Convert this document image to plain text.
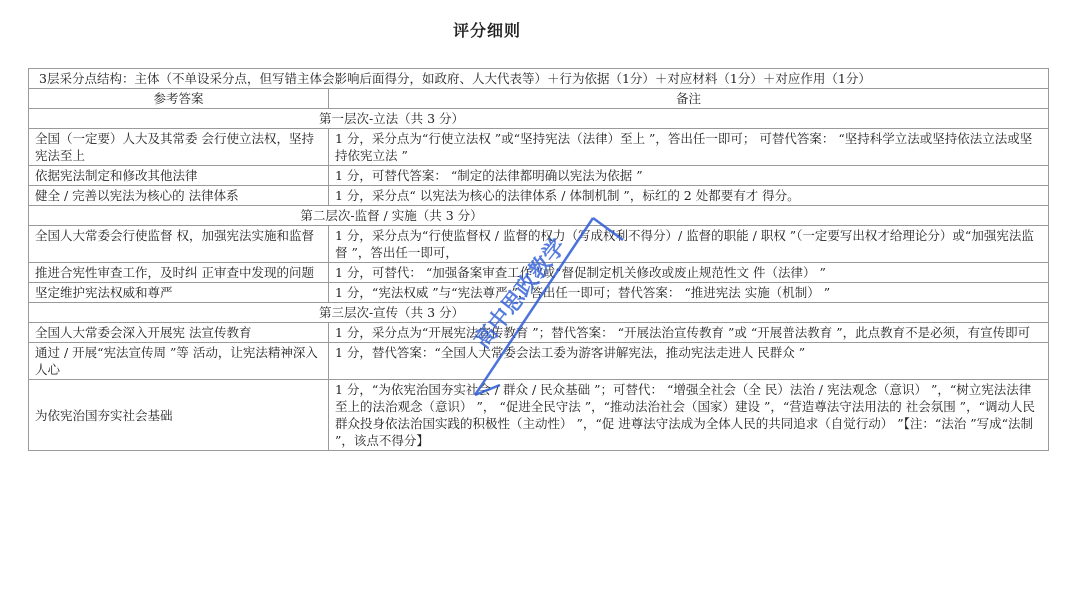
评分细则
3层采分点结构：主体（不单设采分点，但写错主体会影响后面得分，如政府、人大代表等）＋行为依据（1分）＋对应材料（1分）＋对应作用（1分）	
参考答案	备注
第一层次-立法（共 3 分）	
全国（一定要）人大及其常委 会行使立法权，坚持宪法至上	1 分，采分点为“行使立法权 ”或“坚持宪法（法律）至上 ”，答出任一即可； 可替代答案： “坚持科学立法或坚持依法立法或坚持依宪立法 ”
依据宪法制定和修改其他法律	1 分，可替代答案： “制定的法律都明确以宪法为依据 ”
健全 / 完善以宪法为核心的 法律体系	1 分，采分点“ 以宪法为核心的法律体系 / 体制机制 ”，标红的 2 处都要有才 得分。
第二层次-监督 / 实施（共 3 分）	
全国人大常委会行使监督 权，加强宪法实施和监督	1 分，采分点为“行使监督权 / 监督的权力（写成权利不得分）/ 监督的职能 / 职权 ”（一定要写出权才给理论分）或“加强宪法监督 ”，答出任一即可，
推进合宪性审查工作，及时纠 正审查中发现的问题	1 分，可替代： “加强备案审查工作 ”或“督促制定机关修改或废止规范性文 件（法律） ”
坚定维护宪法权威和尊严	1 分，“宪法权威 ”与“宪法尊严 ”，答出任一即可；替代答案： “推进宪法 实施（机制） ”
第三层次-宣传（共 3 分）	
全国人大常委会深入开展宪 法宣传教育	1 分，采分点为“开展宪法宣传教育 ”；替代答案： “开展法治宣传教育 ”或 “开展普法教育 ”，此点教育不是必须，有宣传即可
通过 / 开展“宪法宣传周 ”等 活动，让宪法精神深入人心	1 分，替代答案：“全国人大常委会法工委为游客讲解宪法，推动宪法走进人 民群众 ”
为依宪治国夯实社会基础	1 分，“为依宪治国夯实社会 / 群众 / 民众基础 ”；可替代： “增强全社会（全 民）法治 / 宪法观念（意识） ”，“树立宪法法律至上的法治观念（意识） ”， “促进全民守法 ”，“推动法治社会（国家）建设 ”，“营造尊法守法用法的 社会氛围 ”，“调动人民群众投身依法治国实践的积极性（主动性） ”，“促 进尊法守法成为全体人民的共同追求（自觉行动） ”【注：“法治 ”写成“法制 ”，该点不得分】
高中思政教学
